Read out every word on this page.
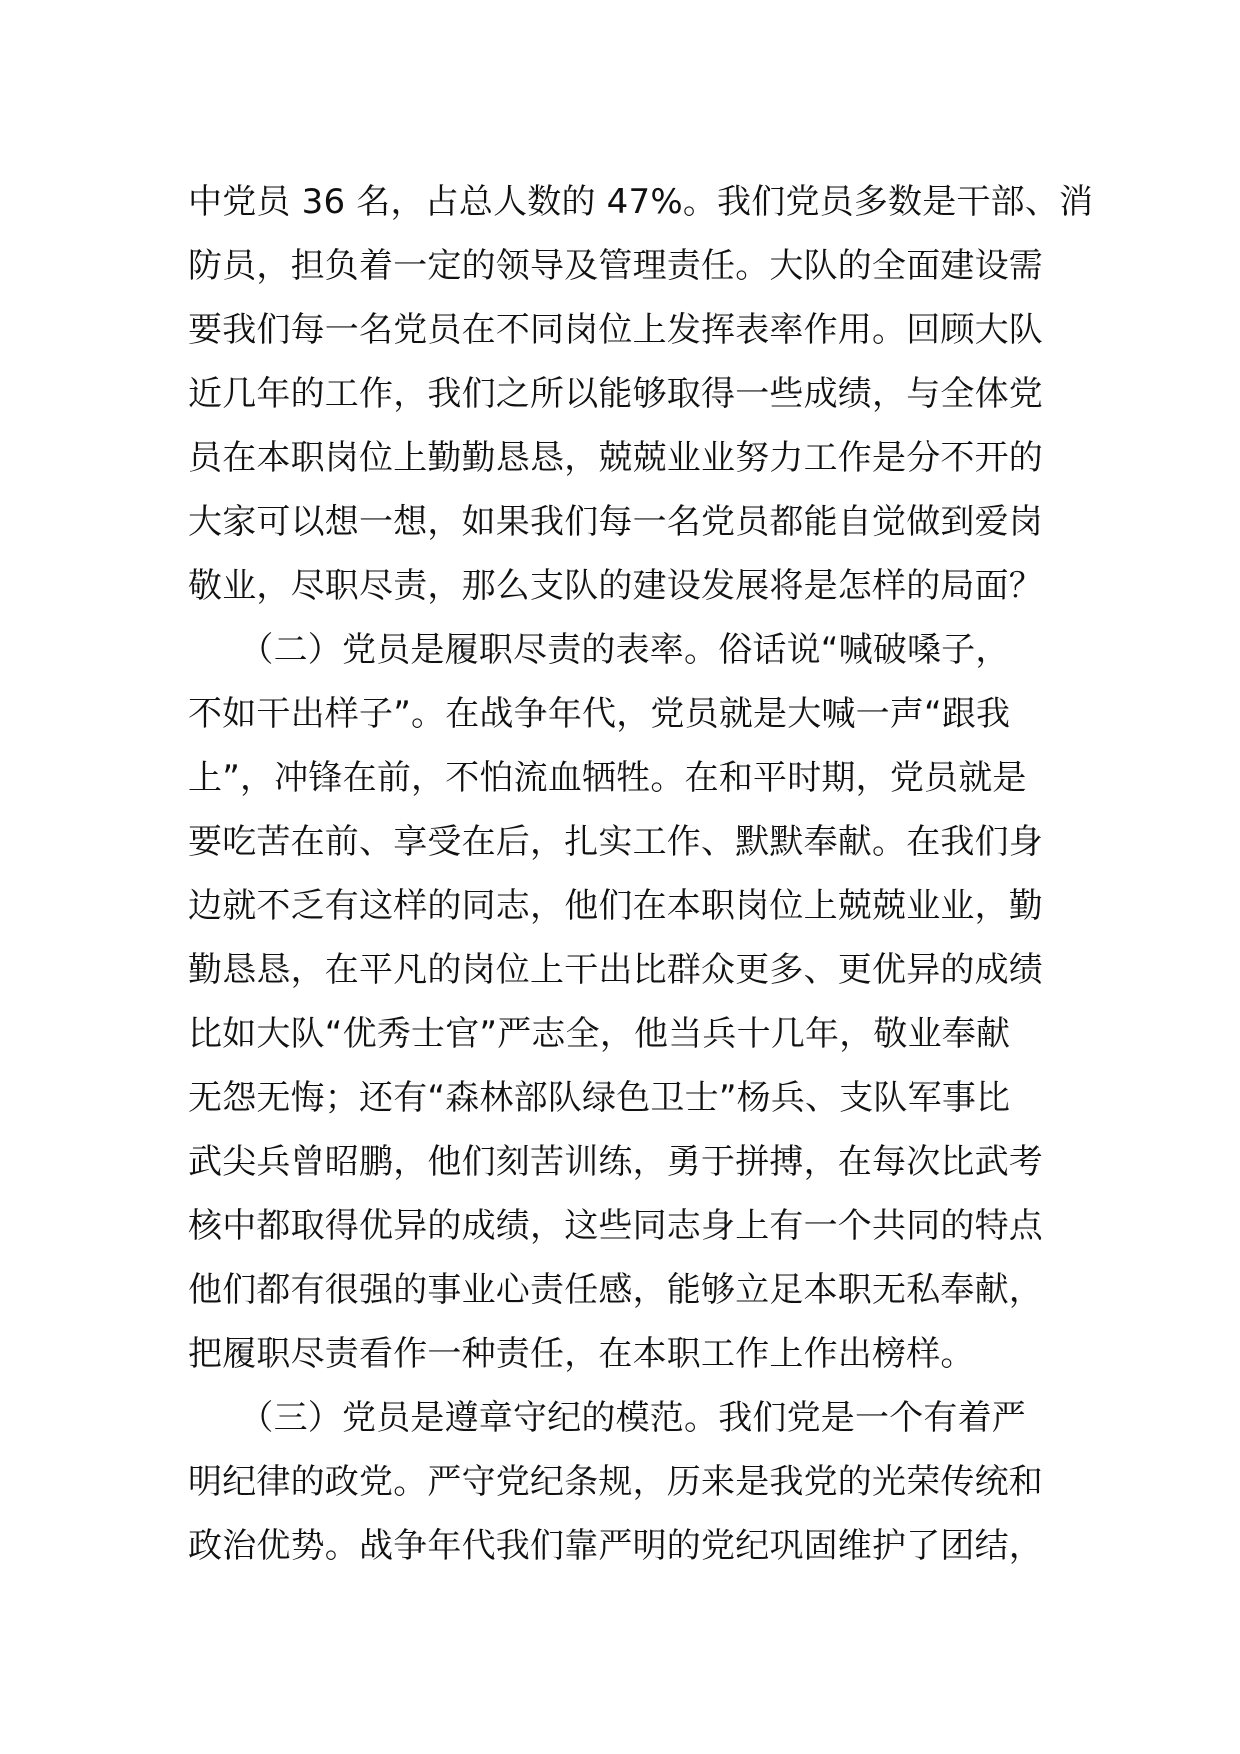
中党员 36 名，占总人数的 47%。我们党员多数是干部、消
防员，担负着一定的领导及管理责任。大队的全面建设需
要我们每一名党员在不同岗位上发挥表率作用。回顾大队
近几年的工作，我们之所以能够取得一些成绩，与全体党
员在本职岗位上勤勤恳恳，兢兢业业努力工作是分不开的
大家可以想一想，如果我们每一名党员都能自觉做到爱岗
敬业，尽职尽责，那么支队的建设发展将是怎样的局面？
　　（二）党员是履职尽责的表率。俗话说“喊破嗓子，
不如干出样子”。在战争年代，党员就是大喊一声“跟我
上”，冲锋在前，不怕流血牺牲。在和平时期，党员就是
要吃苦在前、享受在后，扎实工作、默默奉献。在我们身
边就不乏有这样的同志，他们在本职岗位上兢兢业业，勤
勤恳恳，在平凡的岗位上干出比群众更多、更优异的成绩
比如大队“优秀士官”严志全，他当兵十几年，敬业奉献
无怨无悔；还有“森林部队绿色卫士”杨兵、支队军事比
武尖兵曾昭鹏，他们刻苦训练，勇于拼搏，在每次比武考
核中都取得优异的成绩，这些同志身上有一个共同的特点
他们都有很强的事业心责任感，能够立足本职无私奉献，
把履职尽责看作一种责任，在本职工作上作出榜样。
　　（三）党员是遵章守纪的模范。我们党是一个有着严
明纪律的政党。严守党纪条规，历来是我党的光荣传统和
政治优势。战争年代我们靠严明的党纪巩固维护了团结，
